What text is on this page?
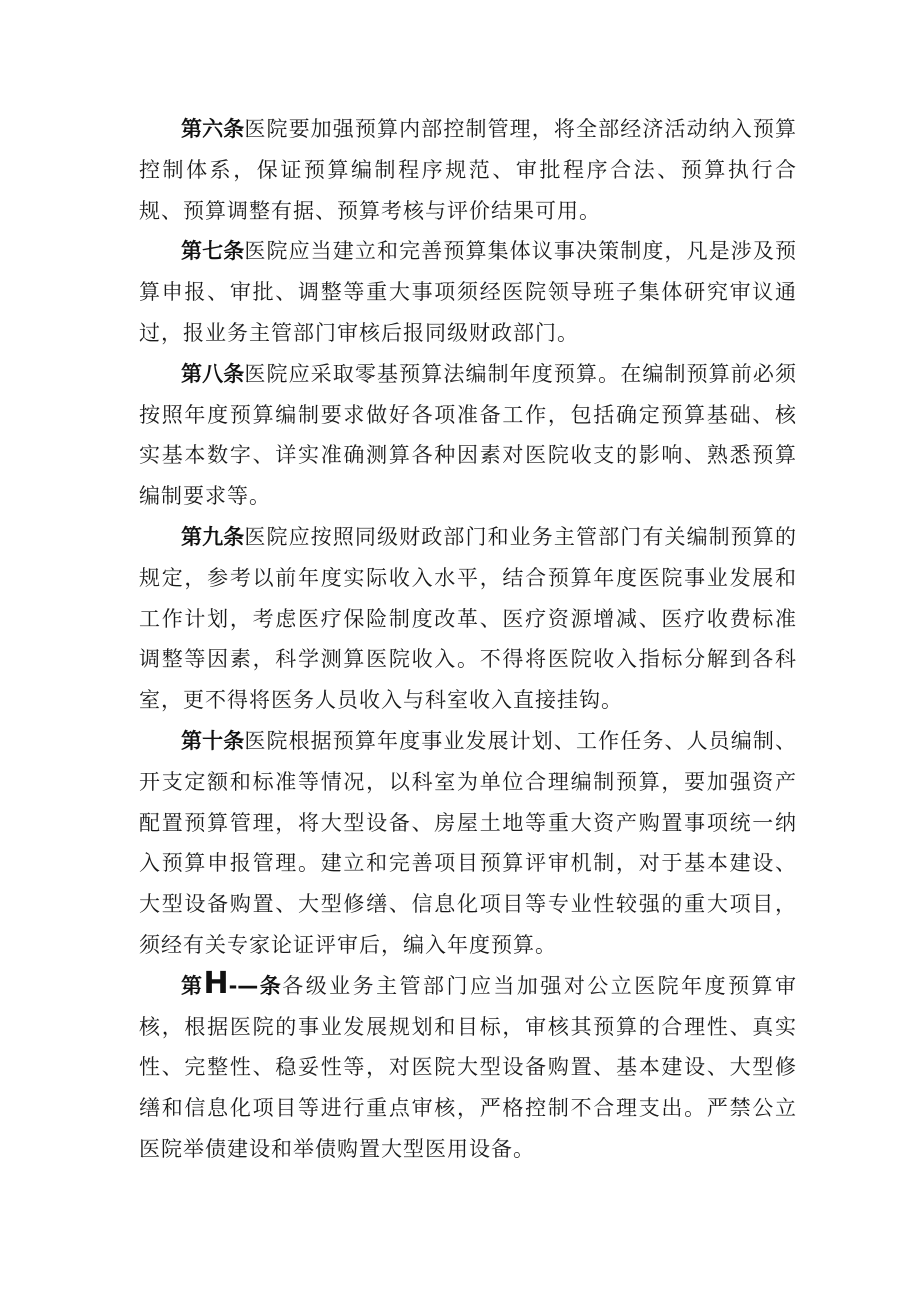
第六条医院要加强预算内部控制管理，将全部经济活动纳入预算控制体系，保证预算编制程序规范、审批程序合法、预算执行合规、预算调整有据、预算考核与评价结果可用。

第七条医院应当建立和完善预算集体议事决策制度，凡是涉及预算申报、审批、调整等重大事项须经医院领导班子集体研究审议通过，报业务主管部门审核后报同级财政部门。

第八条医院应采取零基预算法编制年度预算。在编制预算前必须按照年度预算编制要求做好各项准备工作，包括确定预算基础、核实基本数字、详实准确测算各种因素对医院收支的影响、熟悉预算编制要求等。

第九条医院应按照同级财政部门和业务主管部门有关编制预算的规定，参考以前年度实际收入水平，结合预算年度医院事业发展和工作计划，考虑医疗保险制度改革、医疗资源增减、医疗收费标准调整等因素，科学测算医院收入。不得将医院收入指标分解到各科室，更不得将医务人员收入与科室收入直接挂钩。

第十条医院根据预算年度事业发展计划、工作任务、人员编制、开支定额和标准等情况，以科室为单位合理编制预算，要加强资产配置预算管理，将大型设备、房屋土地等重大资产购置事项统一纳入预算申报管理。建立和完善项目预算评审机制，对于基本建设、大型设备购置、大型修缮、信息化项目等专业性较强的重大项目，须经有关专家论证评审后，编入年度预算。

第H-—条各级业务主管部门应当加强对公立医院年度预算审核，根据医院的事业发展规划和目标，审核其预算的合理性、真实性、完整性、稳妥性等，对医院大型设备购置、基本建设、大型修缮和信息化项目等进行重点审核，严格控制不合理支出。严禁公立医院举债建设和举债购置大型医用设备。
